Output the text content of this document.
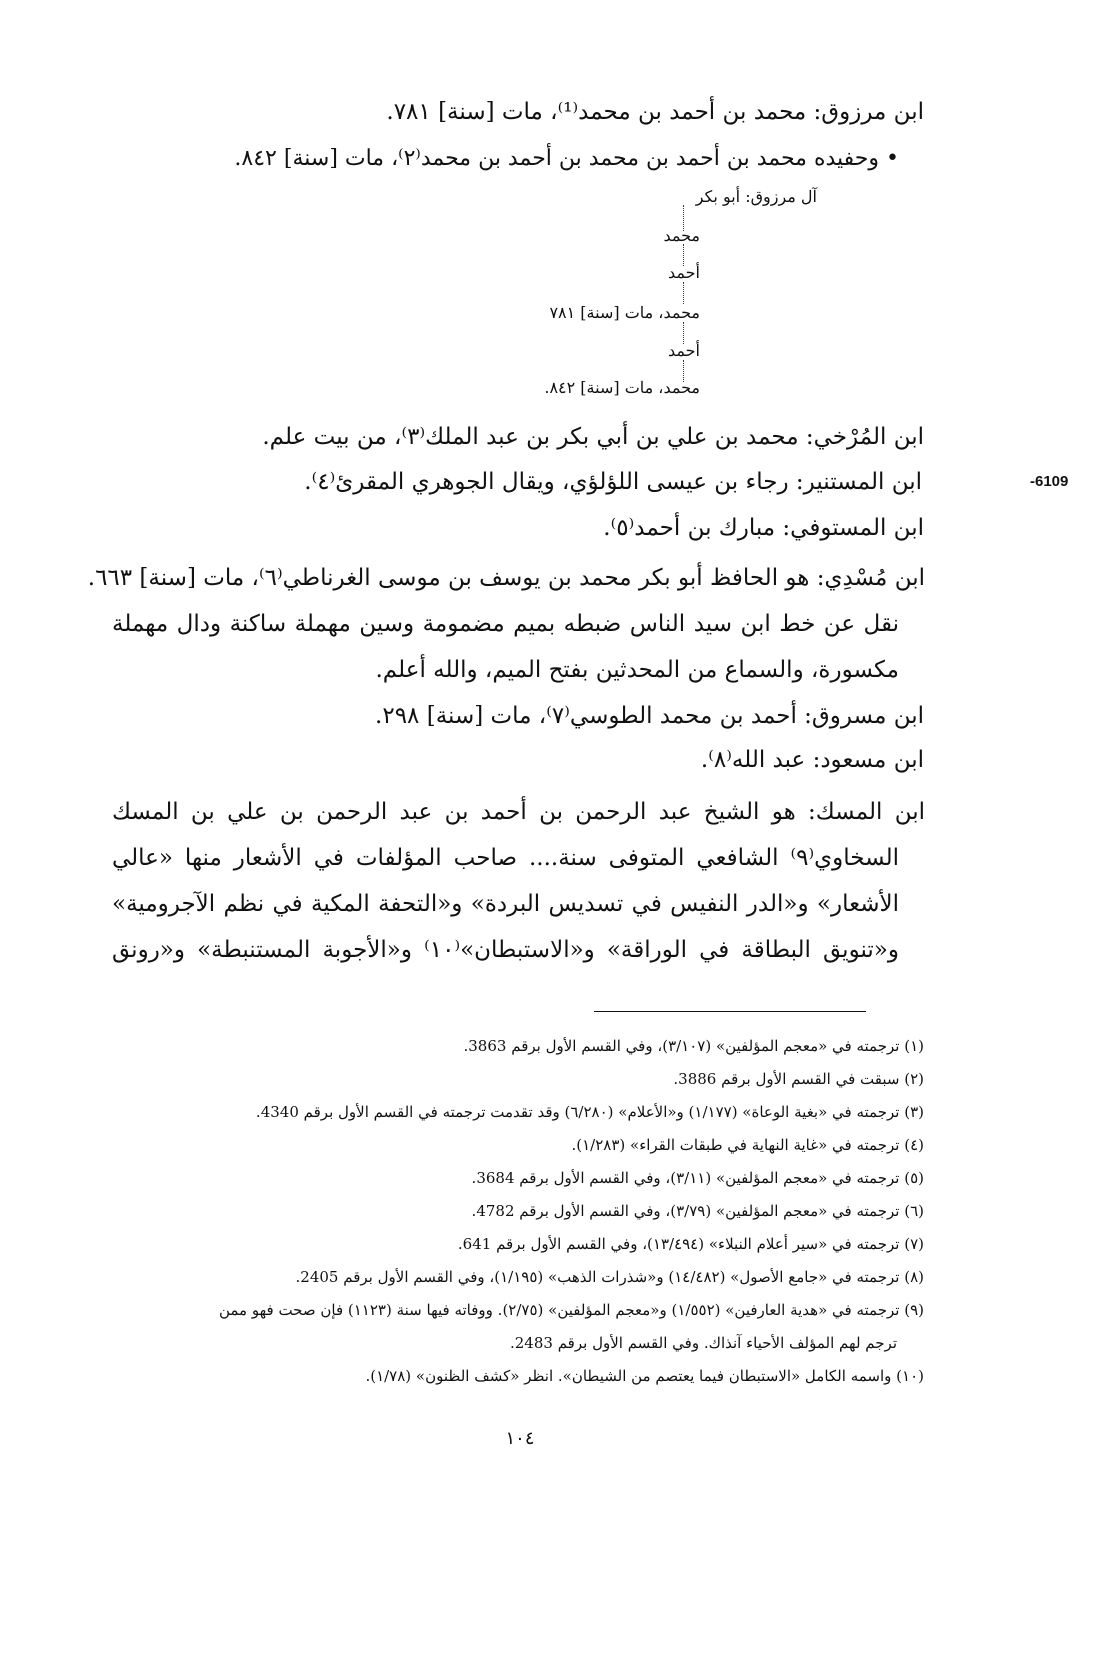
ابن مرزوق: محمد بن أحمد بن محمد⁽¹⁾، مات [سنة] ٧٨١.
• وحفيده محمد بن أحمد بن محمد بن أحمد بن محمد⁽٢⁾، مات [سنة] ٨٤٢.
آل مرزوق: أبو بكر
محمد
أحمد
محمد، مات [سنة] ٧٨١
أحمد
محمد، مات [سنة] ٨٤٢.
ابن المُرْخي: محمد بن علي بن أبي بكر بن عبد الملك⁽٣⁾، من بيت علم.
6109-
ابن المستنير: رجاء بن عيسى اللؤلؤي، ويقال الجوهري المقرئ⁽٤⁾.
ابن المستوفي: مبارك بن أحمد⁽٥⁾.
ابن مُسْدِي: هو الحافظ أبو بكر محمد بن يوسف بن موسى الغرناطي⁽٦⁾، مات [سنة] ٦٦٣.
نقل عن خط ابن سيد الناس ضبطه بميم مضمومة وسين مهملة ساكنة ودال مهملة
مكسورة، والسماع من المحدثين بفتح الميم، والله أعلم.
ابن مسروق: أحمد بن محمد الطوسي⁽٧⁾، مات [سنة] ٢٩٨.
ابن مسعود: عبد الله⁽٨⁾.
ابن المسك: هو الشيخ عبد الرحمن بن أحمد بن عبد الرحمن بن علي بن المسك
السخاوي⁽٩⁾ الشافعي المتوفى سنة.... صاحب المؤلفات في الأشعار منها «عالي
الأشعار» و«الدر النفيس في تسديس البردة» و«التحفة المكية في نظم الآجرومية»
و«تنويق البطاقة في الوراقة» و«الاستبطان»⁽١٠⁾ و«الأجوبة المستنبطة» و«رونق
(١) ترجمته في «معجم المؤلفين» (٣/١٠٧)، وفي القسم الأول برقم 3863.
(٢) سبقت في القسم الأول برقم 3886.
(٣) ترجمته في «بغية الوعاة» (١/١٧٧) و«الأعلام» (٦/٢٨٠) وقد تقدمت ترجمته في القسم الأول برقم 4340.
(٤) ترجمته في «غاية النهاية في طبقات القراء» (١/٢٨٣).
(٥) ترجمته في «معجم المؤلفين» (٣/١١)، وفي القسم الأول برقم 3684.
(٦) ترجمته في «معجم المؤلفين» (٣/٧٩)، وفي القسم الأول برقم 4782.
(٧) ترجمته في «سير أعلام النبلاء» (١٣/٤٩٤)، وفي القسم الأول برقم 641.
(٨) ترجمته في «جامع الأصول» (١٤/٤٨٢) و«شذرات الذهب» (١/١٩٥)، وفي القسم الأول برقم 2405.
(٩) ترجمته في «هدية العارفين» (١/٥٥٢) و«معجم المؤلفين» (٢/٧٥). ووفاته فيها سنة (١١٢٣) فإن صحت فهو ممن
ترجم لهم المؤلف الأحياء آنذاك. وفي القسم الأول برقم 2483.
(١٠) واسمه الكامل «الاستبطان فيما يعتصم من الشيطان». انظر «كشف الظنون» (١/٧٨).
١٠٤
